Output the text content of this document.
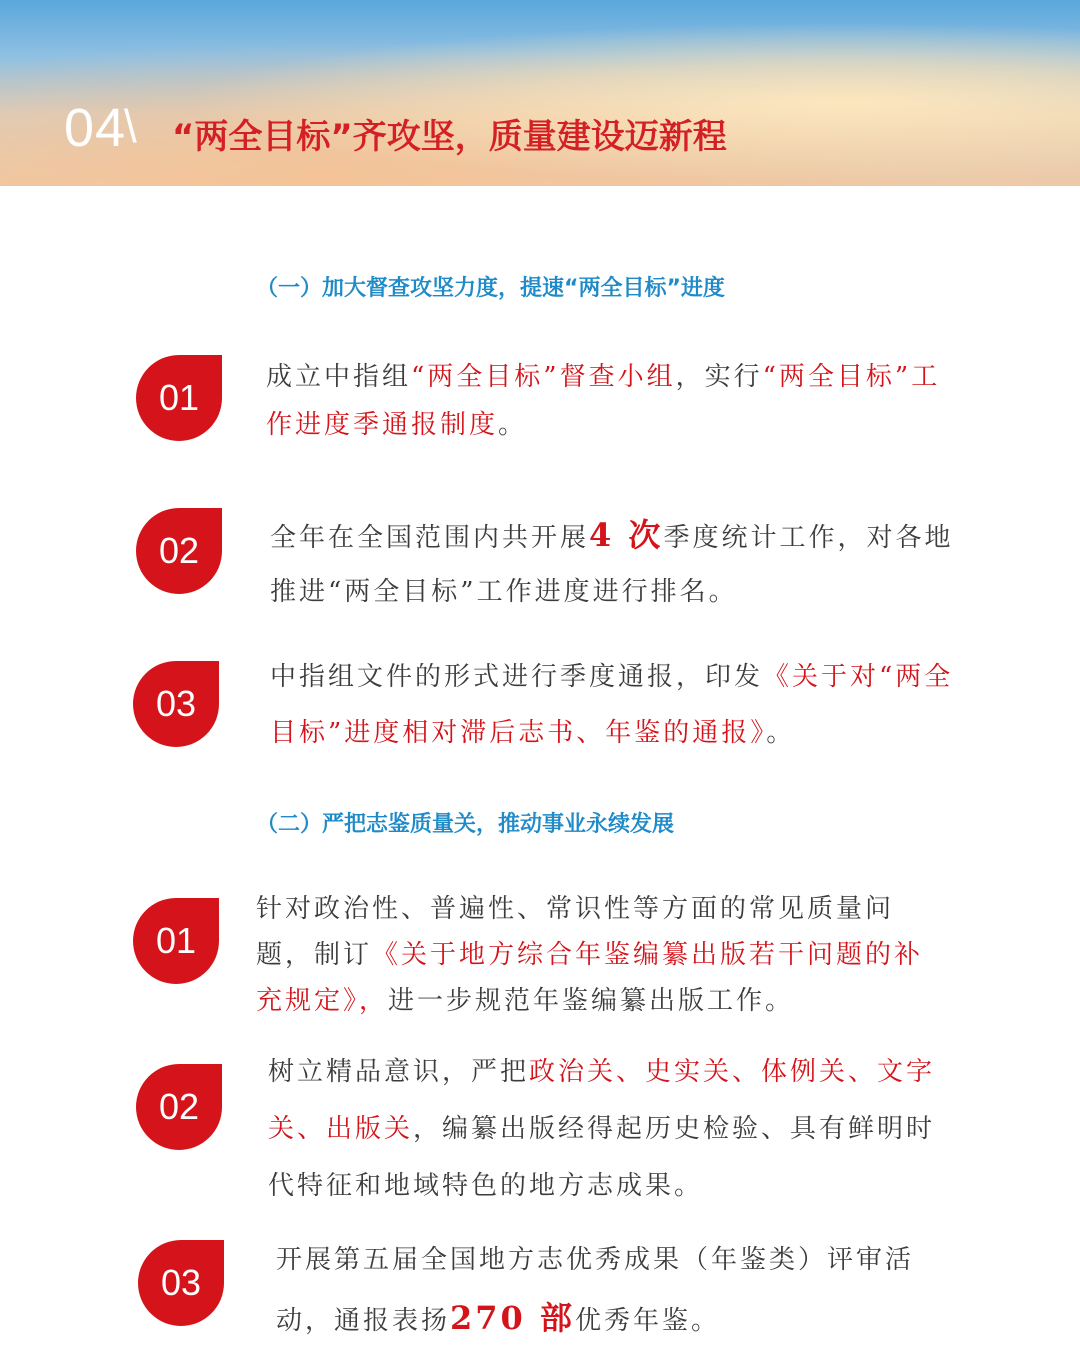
04
\ “两全目标”齐攻坚，质量建设迈新程
（一）加大督查攻坚力度，提速“两全目标”进度
01	成立中指组“两全目标”督查小组，实行“两全目标”工作进度季通报制度。

02	全年在全国范围内共开展4 次季度统计工作，对各地推进“两全目标”工作进度进行排名。

03

中指组文件的形式进行季度通报，印发《关于对“两全目标”进度相对滞后志书、年鉴的通报》。

（二）严把志鉴质量关，推动事业永续发展
01

针对政治性、普遍性、常识性等方面的常见质量问题，制订《关于地方综合年鉴编纂出版若干问题的补充规定》，进一步规范年鉴编纂出版工作。

02

树立精品意识，严把政治关、史实关、体例关、文字关、出版关，编纂出版经得起历史检验、具有鲜明时代特征和地域特色的地方志成果。

03

开展第五届全国地方志优秀成果（年鉴类）评审活动，通报表扬270 部优秀年鉴。
